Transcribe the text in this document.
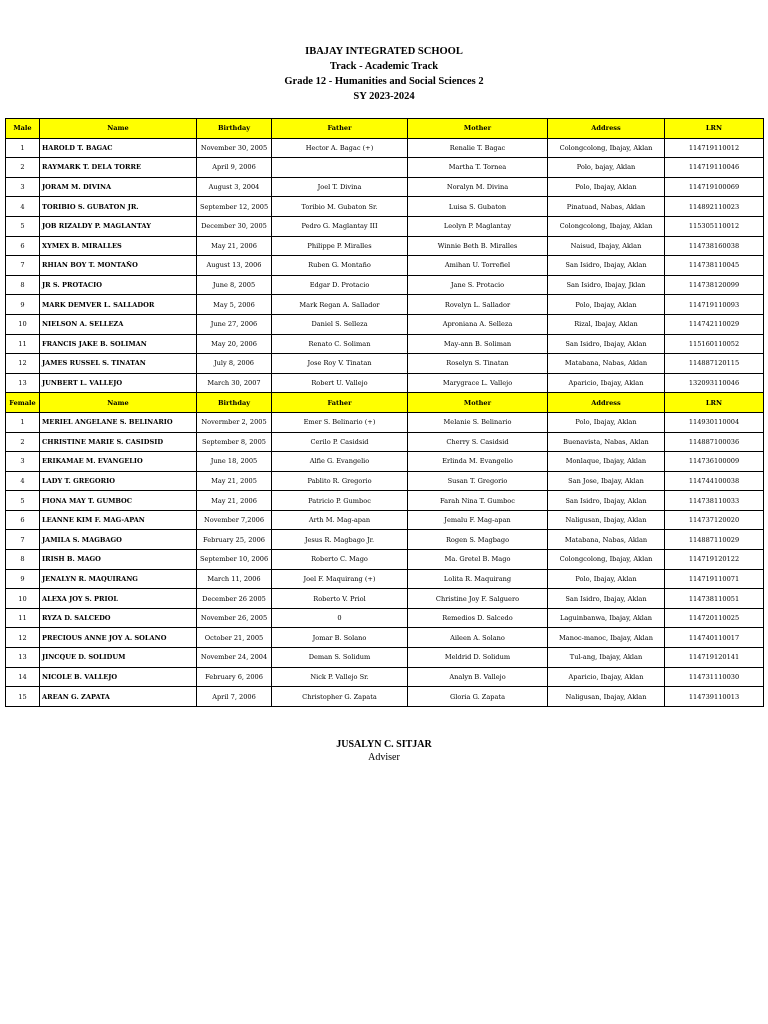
IBAJAY INTEGRATED SCHOOL
Track - Academic Track
Grade 12 - Humanities and Social Sciences 2
SY 2023-2024
Male	Name	Birthday	Father	Mother	Address	LRN
1	HAROLD T. BAGAC	November 30, 2005	Hector A. Bagac (+)	Renalie T. Bagac	Colongcolong, Ibajay, Aklan	114719110012
2	RAYMARK T. DELA TORRE	April 9, 2006		Martha T. Tornea	Polo, bajay, Aklan	114719110046
3	JORAM M. DIVINA	August 3, 2004	Joel T. Divina	Noralyn M. Divina	Polo, Ibajay, Aklan	114719100069
4	TORIBIO S. GUBATON JR.	September 12, 2005	Toribio M. Gubaton Sr.	Luisa S. Gubaton	Pinatuad, Nabas, Aklan	114892110023
5	JOB RIZALDY P. MAGLANTAY	December 30, 2005	Pedro G. Maglantay III	Leolyn P. Maglantay	Colongcolong, Ibajay, Aklan	115305110012
6	XYMEX B. MIRALLES	May 21, 2006	Philippe P. Miralles	Winnie Beth B. Miralles	Naisud, Ibajay, Aklan	114738160038
7	RHIAN BOY T. MONTAÑO	August 13, 2006	Ruben G. Montaño	Amihan U. Torrefiel	San Isidro, Ibajay, Aklan	114738110045
8	JR S. PROTACIO	June 8, 2005	Edgar D. Protacio	Jane S. Protacio	San Isidro, Ibajay, Jklan	114738120099
9	MARK DEMVER L. SALLADOR	May 5, 2006	Mark Regan A. Sallador	Rovelyn L. Sallador	Polo, Ibajay, Aklan	114719110093
10	NIELSON A. SELLEZA	June 27, 2006	Daniel S. Selleza	Apronіana A. Selleza	Rizal, Ibajay, Aklan	114742110029
11	FRANCIS JAKE B. SOLIMAN	May 20, 2006	Renato C. Soliman	May-ann B. Soliman	San Isidro, Ibajay, Aklan	115160110052
12	JAMES RUSSEL S. TINATAN	July 8, 2006	Jose Roy V. Tinatan	Roselyn S. Tinatan	Matabana, Nabas, Aklan	114887120115
13	JUNBERT L. VALLEJO	March 30, 2007	Robert U. Vallejo	Marygrace L. Vallejo	Aparicio, Ibajay, Aklan	132093110046
Female	Name	Birthday	Father	Mother	Address	LRN
1	MERIEL ANGELANE S. BELINARIO	Novermber 2, 2005	Emer S. Belinario (+)	Melanie S. Belinario	Polo, Ibajay, Aklan	114930110004
2	CHRISTINE MARIE S. CASIDSID	September 8, 2005	Cerilo P. Casidsid	Cherry S. Casidsid	Buenavista, Nabas, Aklan	114887100036
3	ERIKAMAE M. EVANGELIO	June 18, 2005	Alfie G. Evangelio	Erlinda M. Evangelio	Monlaque, Ibajay, Aklan	114736100009
4	LADY T. GREGORIO	May 21, 2005	Pablito R. Gregorio	Susan T. Gregorio	San Jose, Ibajay, Aklan	114744100038
5	FIONA MAY T. GUMBOC	May 21, 2006	Patricio P. Gumboc	Farah Nina T. Gumboc	San Isidro, Ibajay, Aklan	114738110033
6	LEANNE KIM F. MAG-APAN	November 7,2006	Arth M. Mag-apan	Jemalu F. Mag-apan	Naligusan, Ibajay, Aklan	114737120020
7	JAMILA S. MAGBAGO	February 25, 2006	Jesus R. Magbago Jr.	Rogen S. Magbago	Matabana, Nabas, Aklan	114887110029
8	IRISH B. MAGO	September 10, 2006	Roberto C. Mago	Ma. Gretel B. Mago	Colongcolong, Ibajay, Aklan	114719120122
9	JENALYN R. MAQUIRANG	March 11, 2006	Joel F. Maquirang (+)	Lolita R. Maquirang	Polo, Ibajay, Aklan	114719110071
10	ALEXA JOY S. PRIOL	December 26 2005	Roberto V. Priol	Christine Joy F. Salguero	San Isidro, Ibajay, Aklan	114738110051
11	RYZA D. SALCEDO	November 26, 2005	0	Remedios D. Salcedo	Laguinbanwa, Ibajay, Aklan	114720110025
12	PRECIOUS ANNE JOY A. SOLANO	October 21, 2005	Jomar B. Solano	Aileen A. Solano	Manoc-manoc, Ibajay, Aklan	114740110017
13	JINCQUE D. SOLIDUM	November 24, 2004	Deman S. Solidum	Meldrid D. Solidum	Tul-ang, Ibajay, Aklan	114719120141
14	NICOLE B. VALLEJO	February 6, 2006	Nick P. Vallejo Sr.	Analyn B. Vallejo	Aparicio, Ibajay, Aklan	114731110030
15	AREAN G. ZAPATA	April 7, 2006	Christopher G. Zapata	Gloria G. Zapata	Naligusan, Ibajay, Aklan	114739110013
JUSALYN C. SITJAR
Adviser
